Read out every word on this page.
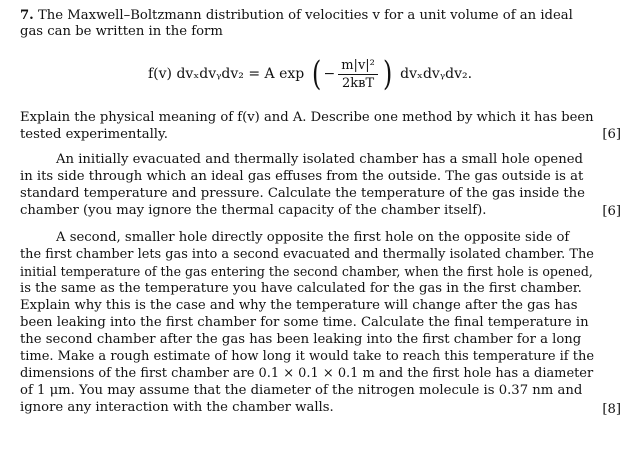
7. The Maxwell–Boltzmann distribution of velocities v for a unit volume of an ideal
gas can be written in the form
f(v) dvₓdvᵧdv₂ = A exp ( − $\frac{\text{m|v|²}}{\text{2kʙT}}$ ) dvₓdvᵧdv₂.
Explain the physical meaning of f(v) and A. Describe one method by which it has been
tested experimentally.	[6]
An initially evacuated and thermally isolated chamber has a small hole opened
in its side through which an ideal gas effuses from the outside. The gas outside is at
standard temperature and pressure. Calculate the temperature of the gas inside the
chamber (you may ignore the thermal capacity of the chamber itself).	[6]
A second, smaller hole directly opposite the first hole on the opposite side of
the first chamber lets gas into a second evacuated and thermally isolated chamber. The
initial temperature of the gas entering the second chamber, when the first hole is opened,
is the same as the temperature you have calculated for the gas in the first chamber.
Explain why this is the case and why the temperature will change after the gas has
been leaking into the first chamber for some time. Calculate the final temperature in
the second chamber after the gas has been leaking into the first chamber for a long
time. Make a rough estimate of how long it would take to reach this temperature if the
dimensions of the first chamber are 0.1 × 0.1 × 0.1 m and the first hole has a diameter
of 1 μm. You may assume that the diameter of the nitrogen molecule is 0.37 nm and
ignore any interaction with the chamber walls.	[8]
